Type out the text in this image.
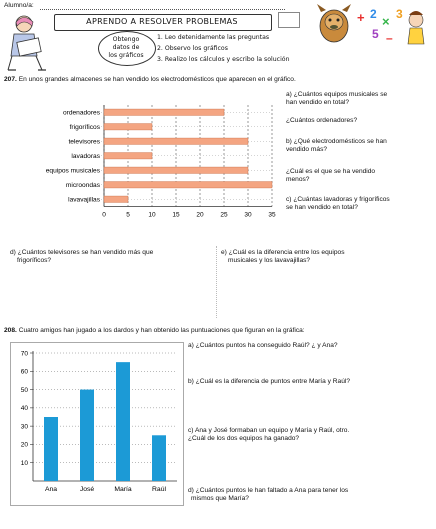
Alumno/a:
APRENDO A RESOLVER PROBLEMAS
Obtengo
datos de
los gráficos
1. Leo detenidamente las preguntas
2. Observo los gráficos
3. Realizo los cálculos y escribo la solución
+ 2 × 3
5 –
207. En unos grandes almacenes se han vendido los electrodomésticos que aparecen en el gráfico.
0	5	10	15	20	25	30	35
ordenadores
frigoríficos
televisores
lavadoras
equipos musicales
microondas
lavavajillas
a) ¿Cuántos equipos musicales se
han vendido en total?
¿Cuántos ordenadores?
b) ¿Qué electrodomésticos se han
vendido más?
¿Cuál es el que se ha vendido
menos?
c) ¿Cuántas lavadoras y frigoríficos
se han vendido en total?
d) ¿Cuántos televisores se han vendido más que
frigoríficos?
e) ¿Cuál es la diferencia entre los equipos
musicales y los lavavajillas?
208. Cuatro amigos han jugado a los dardos y han obtenido las puntuaciones que figuran en la gráfica:
10
20
30
40
50
60
70
Ana	José	María	Raúl
a) ¿Cuántos puntos ha conseguido Raúl? ¿ y Ana?
b) ¿Cuál es la diferencia de puntos entre María y Raúl?
c) Ana y José formaban un equipo y María y Raúl, otro.
¿Cuál de los dos equipos ha ganado?
d) ¿Cuántos puntos le han faltado a Ana para tener los
mismos que María?
